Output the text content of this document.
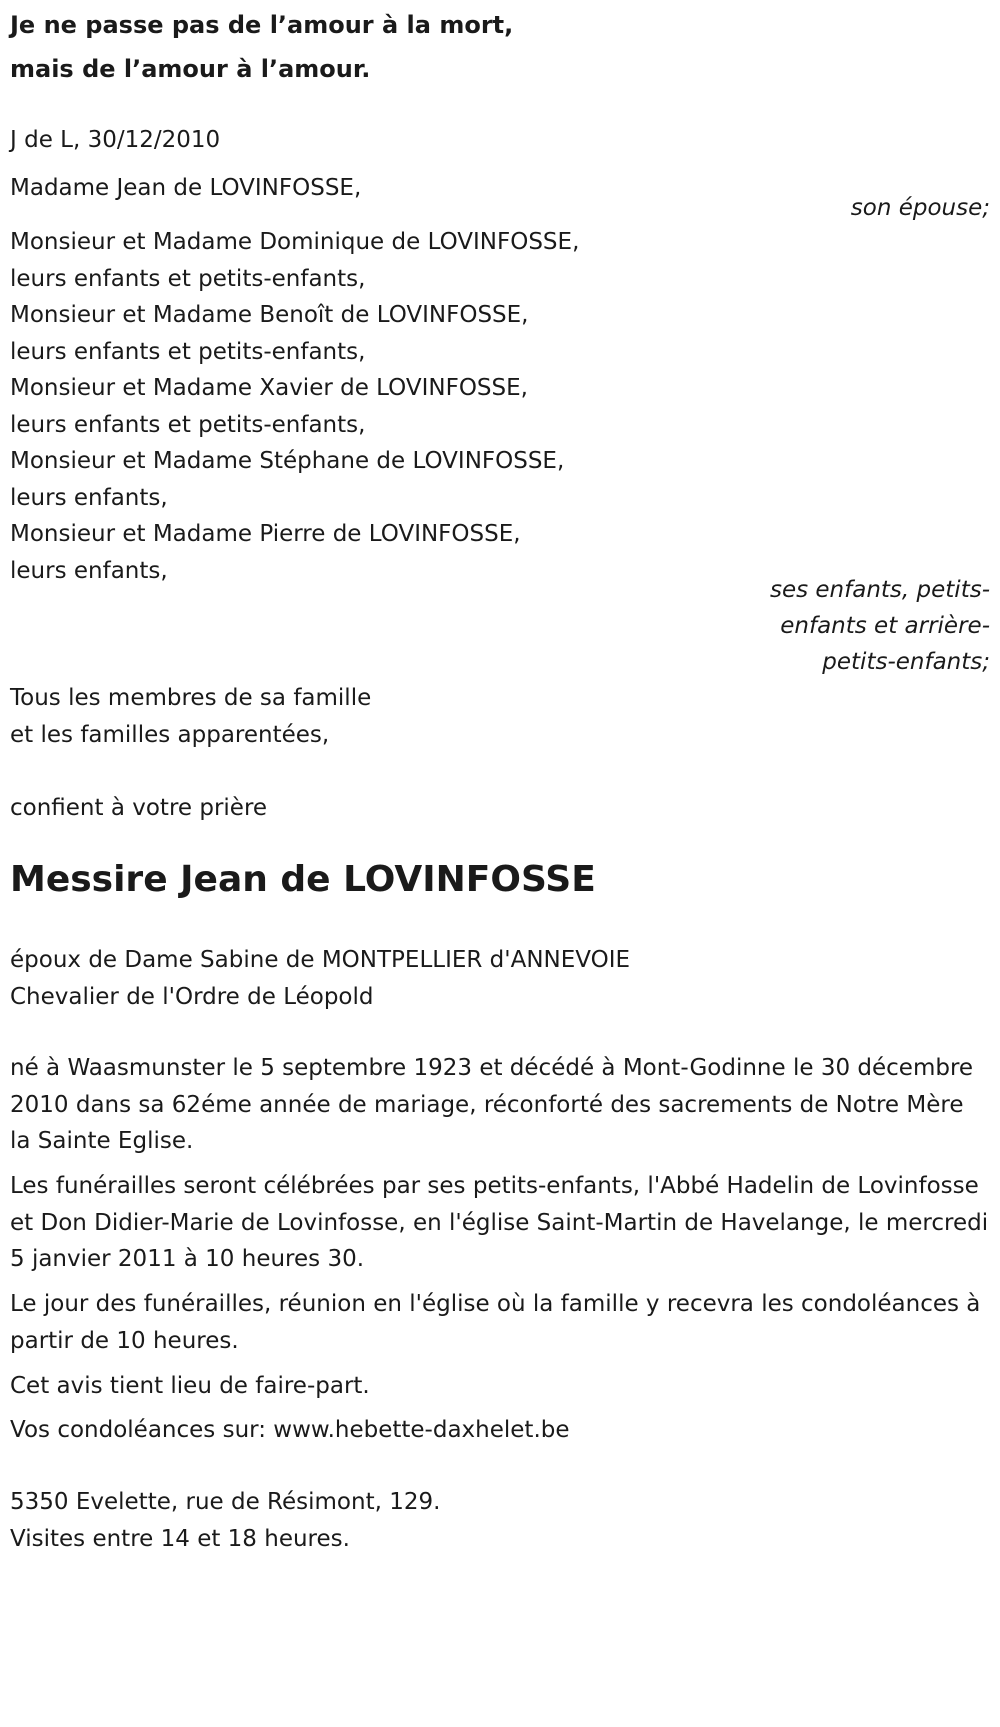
Je ne passe pas de l’amour à la mort,
mais de l’amour à l’amour.
J de L, 30/12/2010
Madame Jean de LOVINFOSSE,
son épouse;
Monsieur et Madame Dominique de LOVINFOSSE,
leurs enfants et petits-enfants,
Monsieur et Madame Benoît de LOVINFOSSE,
leurs enfants et petits-enfants,
Monsieur et Madame Xavier de LOVINFOSSE,
leurs enfants et petits-enfants,
Monsieur et Madame Stéphane de LOVINFOSSE,
leurs enfants,
Monsieur et Madame Pierre de LOVINFOSSE,
leurs enfants,
ses enfants, petits-
enfants et arrière-
petits-enfants;
Tous les membres de sa famille
et les familles apparentées,
confient à votre prière
Messire Jean de LOVINFOSSE
époux de Dame Sabine de MONTPELLIER d'ANNEVOIE
Chevalier de l'Ordre de Léopold
né à Waasmunster le 5 septembre 1923 et décédé à Mont-Godinne le 30 décembre 2010 dans sa 62éme année de mariage, réconforté des sacrements de Notre Mère la Sainte Eglise.
Les funérailles seront célébrées par ses petits-enfants, l'Abbé Hadelin de Lovinfosse et Don Didier-Marie de Lovinfosse, en l'église Saint-Martin de Havelange, le mercredi 5 janvier 2011 à 10 heures 30.
Le jour des funérailles, réunion en l'église où la famille y recevra les condoléances à partir de 10 heures.
Cet avis tient lieu de faire-part.
Vos condoléances sur: www.hebette-daxhelet.be
5350 Evelette, rue de Résimont, 129.
Visites entre 14 et 18 heures.
